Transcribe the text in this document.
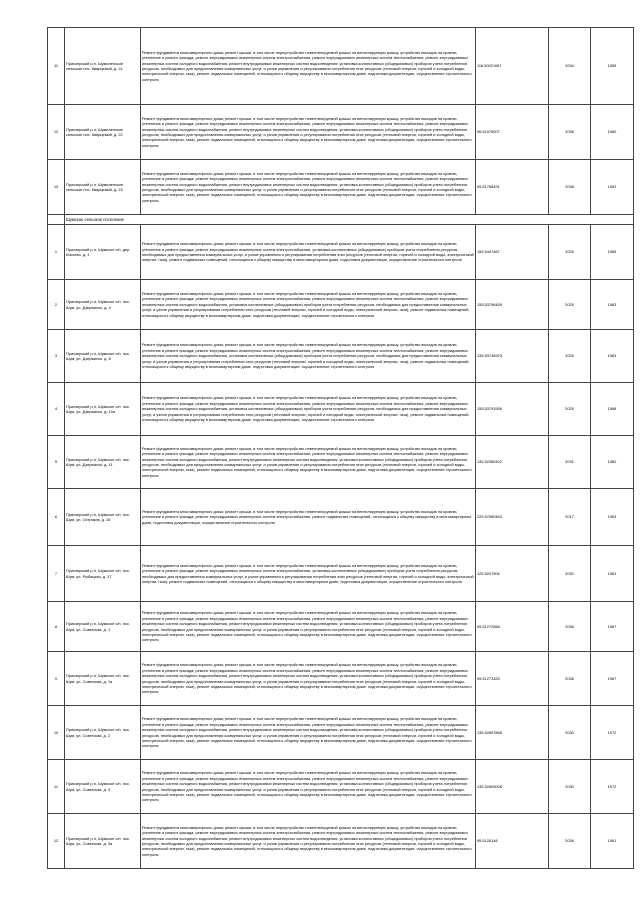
11	Приозерский р-н, Шумиленское сельское пос. Кварцевый, д. 21	Ремонт фундамента многоквартирного дома; ремонт крыши, в том числе переустройство невентилируемой крыши на вентилируемую крышу, устройство выходов на кровлю, утепление и ремонт фасада; ремонт внутридомовых инженерных систем электроснабжения, ремонт внутридомовых инженерных систем теплоснабжения, ремонт внутридомовых инженерных систем холодного водоснабжения, ремонт внутридомовых инженерных систем водоотведения, установка коллективных (общедомовых) приборов учета потребления ресурсов, необходимых для предоставления коммунальных услуг, и узлов управления и регулирования потребления этих ресурсов (тепловой энергии, горячей и холодной воды, электрической энергии, газа), ремонт подвальных помещений, относящихся к общему имуществу в многоквартирном доме, подготовка документации, осуществление строительного контроля	116.50021067	2034	1985
12	Приозерский р-н, Шумиленское сельское пос. Кварцевый, д. 22	Ремонт фундамента многоквартирного дома; ремонт крыши, в том числе переустройство невентилируемой крыши на вентилируемую крышу, устройство выходов на кровлю, утепление и ремонт фасада; ремонт внутридомовых инженерных систем электроснабжения, ремонт внутридомовых инженерных систем теплоснабжения, ремонт внутридомовых инженерных систем холодного водоснабжения, ремонт внутридомовых инженерных систем водоотведения, установка коллективных (общедомовых) приборов учета потребления ресурсов, необходимых для предоставления коммунальных услуг, и узлов управления и регулирования потребления этих ресурсов (тепловой энергии, горячей и холодной воды, электрической энергии, газа), ремонт подвальных помещений, относящихся к общему имуществу в многоквартирном доме, подготовка документации, осуществление строительного контроля	96.51075007	2036	1960
13	Приозерский р-н, Шумиленское сельское пос. Кварцевый, д. 23	Ремонт фундамента многоквартирного дома; ремонт крыши, в том числе переустройство невентилируемой крыши на вентилируемую крышу, устройство выходов на кровлю, утепление и ремонт фасада; ремонт внутридомовых инженерных систем электроснабжения, ремонт внутридомовых инженерных систем теплоснабжения, ремонт внутридомовых инженерных систем холодного водоснабжения, ремонт внутридомовых инженерных систем водоотведения, установка коллективных (общедомовых) приборов учета потребления ресурсов, необходимых для предоставления коммунальных услуг, и узлов управления и регулирования потребления этих ресурсов (тепловой энергии, горячей и холодной воды, электрической энергии, газа), ремонт подвальных помещений, относящихся к общему имуществу в многоквартирном доме, подготовка документации, осуществление строительного контроля	95.51768491	2038	1962
	Шумское сельское поселение				
1	Приозерский р-н, Шумское с/п, дер. Кокоево, д. 1	Ремонт фундамента многоквартирного дома; ремонт крыши, в том числе переустройство невентилируемой крыши на вентилируемую крышу, устройство выходов на кровлю, утепление и ремонт фасада; ремонт внутридомовых инженерных систем электроснабжения, установка коллективных (общедомовых) приборов учета потребления ресурсов, необходимых для предоставления коммунальных услуг, и узлов управления и регулирования потребления этих ресурсов (тепловой энергии, горячей и холодной воды, электрической энергии, газа), ремонт подвальных помещений, относящихся к общему имуществу в многоквартирном доме, подготовка документации, осуществление строительного контроля	155.5447467	2025	1985
2	Приозерский р-н, Шумское с/п, пос. Шум, ул. Дзержинск, д. 4	Ремонт фундамента многоквартирного дома; ремонт крыши, в том числе переустройство невентилируемой крыши на вентилируемую крышу, устройство выходов на кровлю, утепление и ремонт фасада; ремонт внутридомовых инженерных систем электроснабжения, ремонт внутридомовых инженерных систем теплоснабжения, ремонт внутридомовых инженерных систем холодного водоснабжения, установка коллективных (общедомовых) приборов учета потребления ресурсов, необходимых для предоставления коммунальных услуг, и узлов управления и регулирования потребления этих ресурсов (тепловой энергии, горячей и холодной воды, электрической энергии, газа), ремонт подвальных помещений, относящихся к общему имуществу в многоквартирном доме, подготовка документации, осуществление строительного контроля	155.53796455	2025	1963
3	Приозерский р-н, Шумское с/п, пос. Шум, ул. Дзержинск, д. 8	Ремонт фундамента многоквартирного дома; ремонт крыши, в том числе переустройство невентилируемой крыши на вентилируемую крышу, устройство выходов на кровлю, утепление и ремонт фасада; ремонт внутридомовых инженерных систем электроснабжения, ремонт внутридомовых инженерных систем теплоснабжения, ремонт внутридомовых инженерных систем холодного водоснабжения, установка коллективных (общедомовых) приборов учета потребления ресурсов, необходимых для предоставления коммунальных услуг, и узлов управления и регулирования потребления этих ресурсов (тепловой энергии, горячей и холодной воды, электрической энергии, газа), ремонт подвальных помещений, относящихся к общему имуществу в многоквартирном доме, подготовка документации, осуществление строительного контроля	135.53746923	2025	1963
4	Приозерский р-н, Шумское с/п, пос. Шум, ул. Дзержинск, д. 10а	Ремонт фундамента многоквартирного дома; ремонт крыши, в том числе переустройство невентилируемой крыши на вентилируемую крышу, устройство выходов на кровлю, утепление и ремонт фасада; ремонт внутридомовых инженерных систем электроснабжения, ремонт внутридомовых инженерных систем теплоснабжения, ремонт внутридомовых инженерных систем холодного водоснабжения, установка коллективных (общедомовых) приборов учета потребления ресурсов, необходимых для предоставления коммунальных услуг, и узлов управления и регулирования потребления этих ресурсов (тепловой энергии, горячей и холодной воды, электрической энергии, газа), ремонт подвальных помещений, относящихся к общему имуществу в многоквартирном доме, подготовка документации, осуществление строительного контроля	155.53791556	2025	1968
5	Приозерский р-н, Шумское с/п, пос. Шум, ул. Дзержинск, д. 11	Ремонт фундамента многоквартирного дома; ремонт крыши, в том числе переустройство невентилируемой крыши на вентилируемую крышу, устройство выходов на кровлю, утепление и ремонт фасада; ремонт внутридомовых инженерных систем электроснабжения, ремонт внутридомовых инженерных систем теплоснабжения, ремонт внутридомовых инженерных систем холодного водоснабжения, ремонт внутридомовых инженерных систем водоотведения, установка коллективных (общедомовых) приборов учета потребления ресурсов, необходимых для предоставления коммунальных услуг, и узлов управления и регулирования потребления этих ресурсов (тепловой энергии, горячей и холодной воды, электрической энергии, газа), ремонт подвальных помещений, относящихся к общему имуществу в многоквартирном доме, подготовка документации, осуществление строительного контроля	135.52380402	2031	1960
6	Приозерский р-н, Шумское с/п, пос. Шум, ул. Остряков, д. 16	Ремонт фундамента многоквартирного дома; ремонт крыши, в том числе переустройство невентилируемой крыши на вентилируемую крышу, устройство выходов на кровлю, утепление и ремонт фасада; ремонт внутридомовых инженерных систем электроснабжения, ремонт подвальных помещений, относящихся к общему имуществу в многоквартирном доме, подготовка документации, осуществление строительного контроля	225.57080463	2017	1963
7	Приозерский р-н, Шумское с/п, пос. Шум, ул. Рыбацкая, д. 37	Ремонт фундамента многоквартирного дома; ремонт крыши, в том числе переустройство невентилируемой крыши на вентилируемую крышу, устройство выходов на кровлю, утепление и ремонт фасада; ремонт внутридомовых инженерных систем электроснабжения, установка коллективных (общедомовых) приборов учета потребления ресурсов, необходимых для предоставления коммунальных услуг, и узлов управления и регулирования потребления этих ресурсов (тепловой энергии, горячей и холодной воды, электрической энергии, газа), ремонт подвальных помещений, относящихся к общему имуществу в многоквартирном доме, подготовка документации, осуществление строительного контроля	125.5207906	2032	1981
8	Приозерский р-н, Шумское с/п, пос. Шум, ул. Советская, д. 1	Ремонт фундамента многоквартирного дома; ремонт крыши, в том числе переустройство невентилируемой крыши на вентилируемую крышу, устройство выходов на кровлю, утепление и ремонт фасада; ремонт внутридомовых инженерных систем электроснабжения, ремонт внутридомовых инженерных систем теплоснабжения, ремонт внутридомовых инженерных систем холодного водоснабжения, ремонт внутридомовых инженерных систем водоотведения, установка коллективных (общедомовых) приборов учета потребления ресурсов, необходимых для предоставления коммунальных услуг, и узлов управления и регулирования потребления этих ресурсов (тепловой энергии, горячей и холодной воды, электрической энергии, газа), ремонт подвальных помещений, относящихся к общему имуществу в многоквартирном доме, подготовка документации, осуществление строительного контроля	95.51272568	2036	1967
9	Приозерский р-н, Шумское с/п, пос. Шум, ул. Советская, д. 1а	Ремонт фундамента многоквартирного дома; ремонт крыши, в том числе переустройство невентилируемой крыши на вентилируемую крышу, устройство выходов на кровлю, утепление и ремонт фасада; ремонт внутридомовых инженерных систем электроснабжения, ремонт внутридомовых инженерных систем теплоснабжения, ремонт внутридомовых инженерных систем холодного водоснабжения, ремонт внутридомовых инженерных систем водоотведения, установка коллективных (общедомовых) приборов учета потребления ресурсов, необходимых для предоставления коммунальных услуг, и узлов управления и регулирования потребления этих ресурсов (тепловой энергии, горячей и холодной воды, электрической энергии, газа), ремонт подвальных помещений, относящихся к общему имуществу в многоквартирном доме, подготовка документации, осуществление строительного контроля	95.51273325	2036	1967
10	Приозерский р-н, Шумское с/п, пос. Шум, ул. Советская, д. 2	Ремонт фундамента многоквартирного дома; ремонт крыши, в том числе переустройство невентилируемой крыши на вентилируемую крышу, устройство выходов на кровлю, утепление и ремонт фасада; ремонт внутридомовых инженерных систем электроснабжения, ремонт внутридомовых инженерных систем теплоснабжения, ремонт внутридомовых инженерных систем холодного водоснабжения, ремонт внутридомовых инженерных систем водоотведения, установка коллективных (общедомовых) приборов учета потребления ресурсов, необходимых для предоставления коммунальных услуг, и узлов управления и регулирования потребления этих ресурсов (тепловой энергии, горячей и холодной воды, электрической энергии, газа), ремонт подвальных помещений, относящихся к общему имуществу в многоквартирном доме, подготовка документации, осуществление строительного контроля	135.52897866	2030	1972
11	Приозерский р-н, Шумское с/п, пос. Шум, ул. Советская, д. 3	Ремонт фундамента многоквартирного дома; ремонт крыши, в том числе переустройство невентилируемой крыши на вентилируемую крышу, устройство выходов на кровлю, утепление и ремонт фасада; ремонт внутридомовых инженерных систем электроснабжения, ремонт внутридомовых инженерных систем теплоснабжения, ремонт внутридомовых инженерных систем холодного водоснабжения, ремонт внутридомовых инженерных систем водоотведения, установка коллективных (общедомовых) приборов учета потребления ресурсов, необходимых для предоставления коммунальных услуг, и узлов управления и регулирования потребления этих ресурсов (тепловой энергии, горячей и холодной воды, электрической энергии, газа), ремонт подвальных помещений, относящихся к общему имуществу в многоквартирном доме, подготовка документации, осуществление строительного контроля	135.52809008	2030	1972
12	Приозерский р-н, Шумское с/п, пос. Шум, ул. Советская, д. 3а	Ремонт фундамента многоквартирного дома; ремонт крыши, в том числе переустройство невентилируемой крыши на вентилируемую крышу, устройство выходов на кровлю, утепление и ремонт фасада; ремонт внутридомовых инженерных систем электроснабжения, ремонт внутридомовых инженерных систем теплоснабжения, ремонт внутридомовых инженерных систем холодного водоснабжения, ремонт внутридомовых инженерных систем водоотведения, установка коллективных (общедомовых) приборов учета потребления ресурсов, необходимых для предоставления коммунальных услуг, и узлов управления и регулирования потребления этих ресурсов (тепловой энергии, горячей и холодной воды, электрической энергии, газа), ремонт подвальных помещений, относящихся к общему имуществу в многоквартирном доме, подготовка документации, осуществление строительного контроля	95.5126148	2036	1961
